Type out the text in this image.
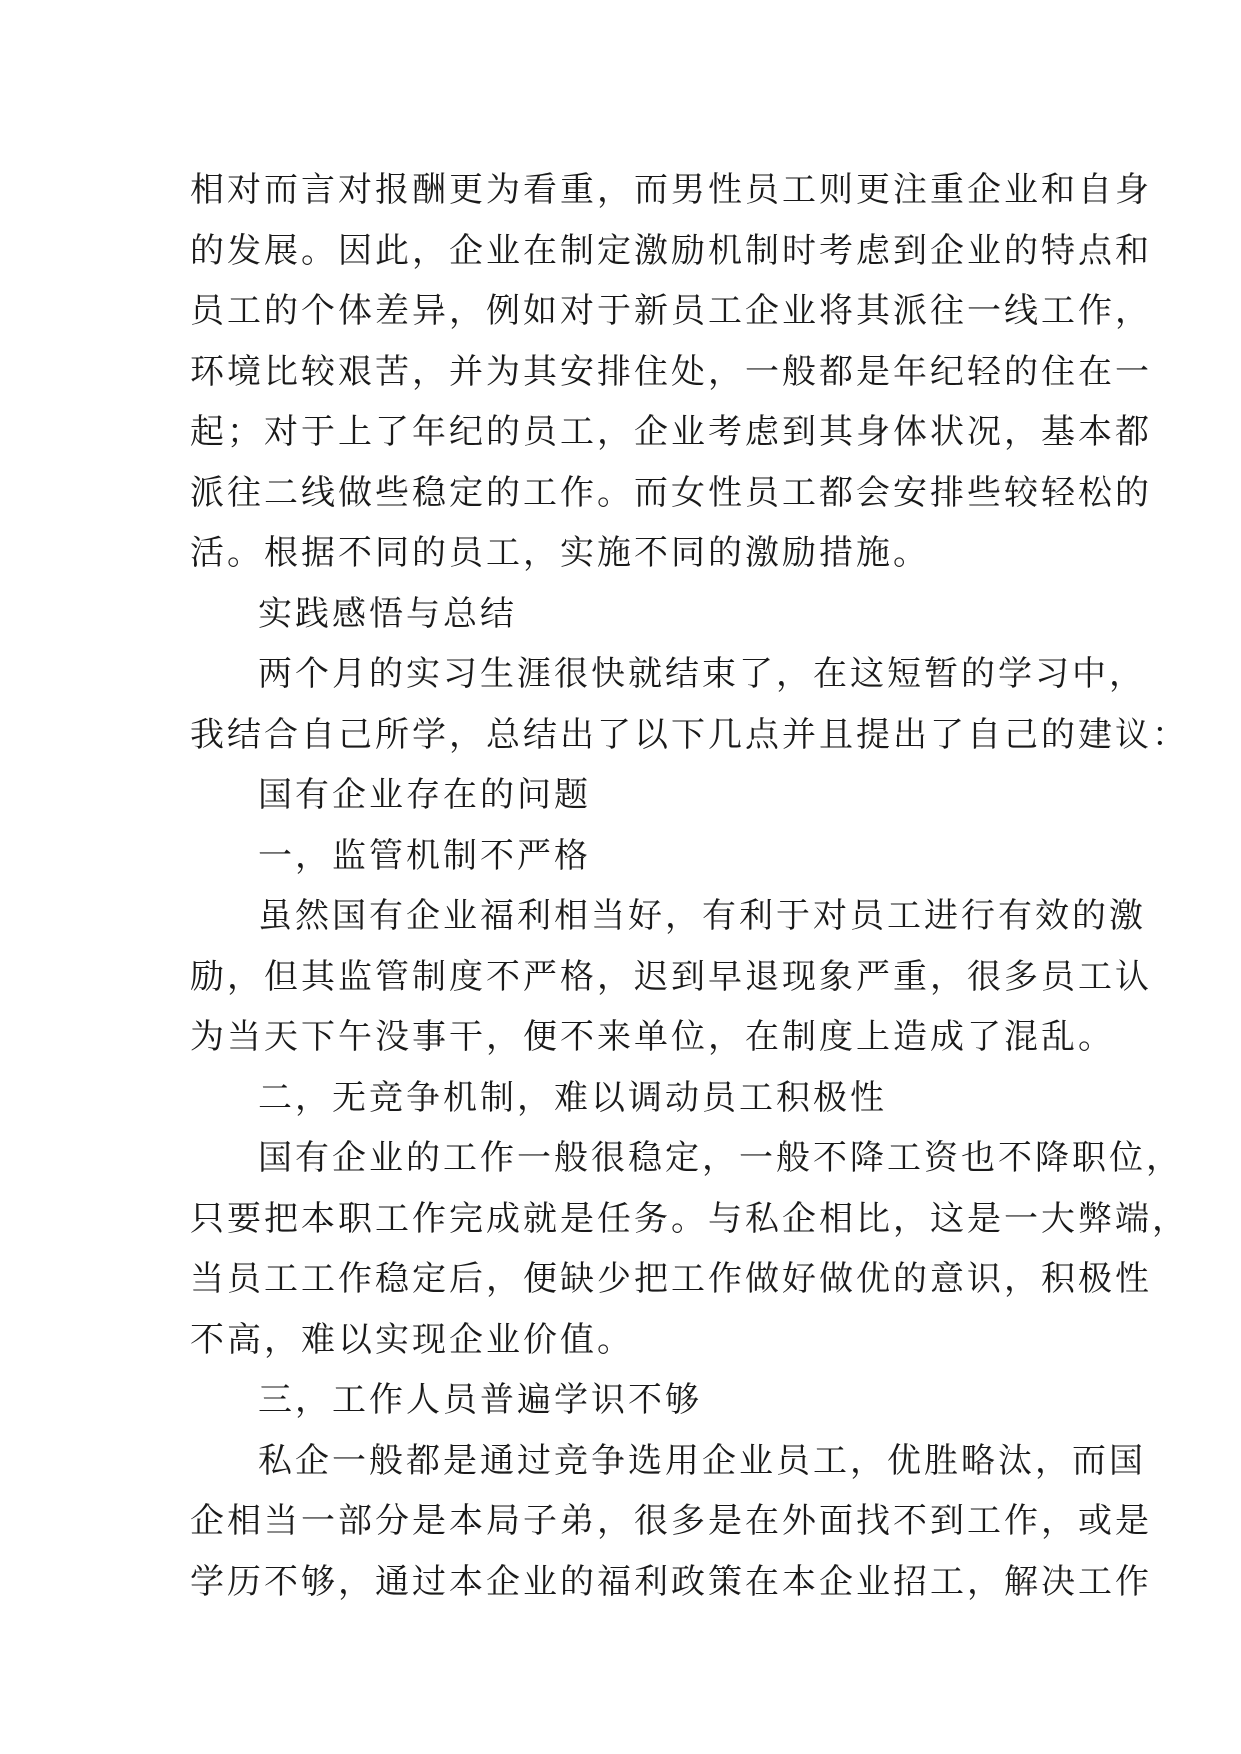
相对而言对报酬更为看重，而男性员工则更注重企业和自身
的发展。因此，企业在制定激励机制时考虑到企业的特点和
员工的个体差异，例如对于新员工企业将其派往一线工作，
环境比较艰苦，并为其安排住处，一般都是年纪轻的住在一
起；对于上了年纪的员工，企业考虑到其身体状况，基本都
派往二线做些稳定的工作。而女性员工都会安排些较轻松的
活。根据不同的员工，实施不同的激励措施。
实践感悟与总结
两个月的实习生涯很快就结束了，在这短暂的学习中，
我结合自己所学，总结出了以下几点并且提出了自己的建议：
国有企业存在的问题
一，监管机制不严格
虽然国有企业福利相当好，有利于对员工进行有效的激
励，但其监管制度不严格，迟到早退现象严重，很多员工认
为当天下午没事干，便不来单位，在制度上造成了混乱。
二，无竞争机制，难以调动员工积极性
国有企业的工作一般很稳定，一般不降工资也不降职位，
只要把本职工作完成就是任务。与私企相比，这是一大弊端，
当员工工作稳定后，便缺少把工作做好做优的意识，积极性
不高，难以实现企业价值。
三，工作人员普遍学识不够
私企一般都是通过竞争选用企业员工，优胜略汰，而国
企相当一部分是本局子弟，很多是在外面找不到工作，或是
学历不够，通过本企业的福利政策在本企业招工，解决工作
